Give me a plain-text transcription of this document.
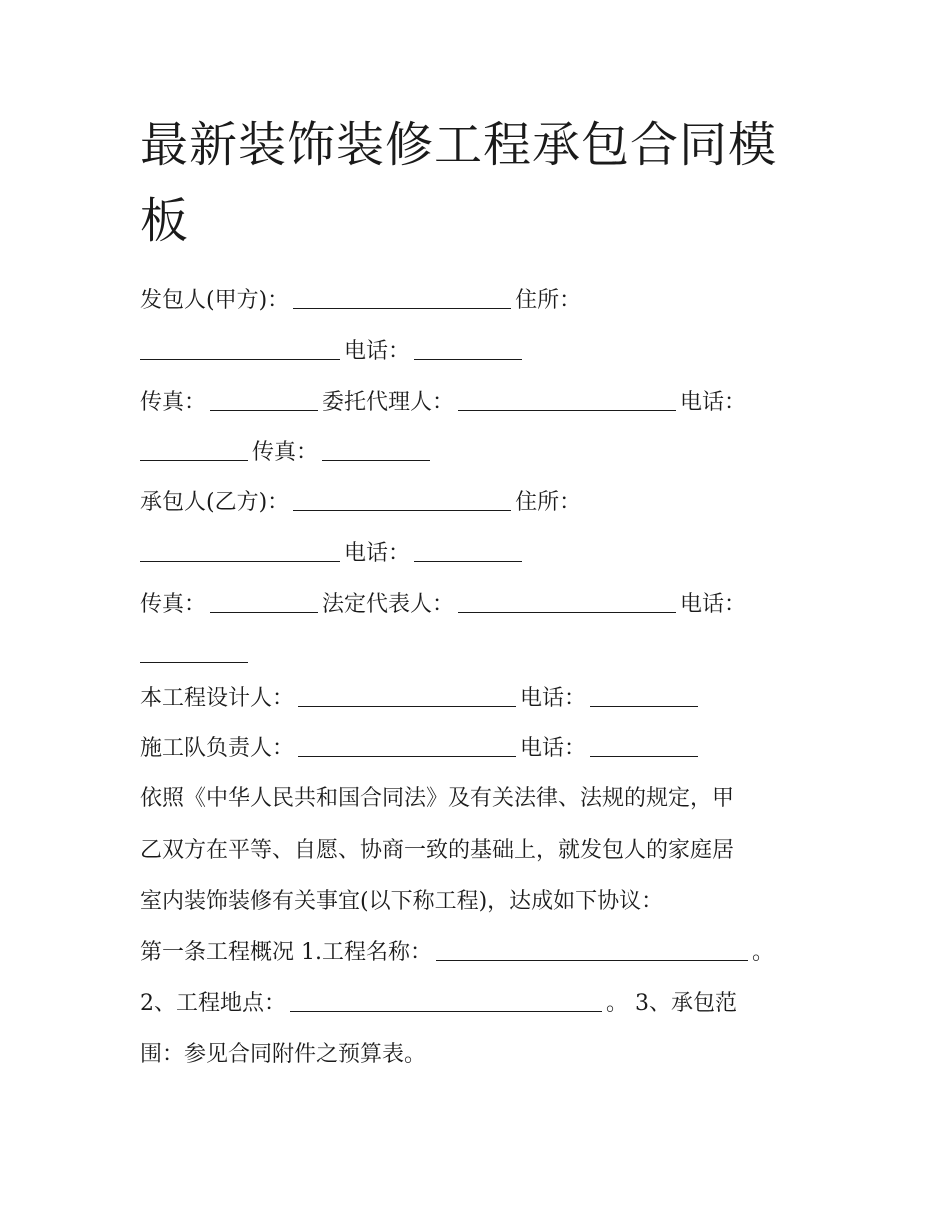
最新装饰装修工程承包合同模
板
发包人(甲方)：	住所：
电话：
传真：	委托代理人：	电话：
传真：
承包人(乙方)：	住所：
电话：
传真：	法定代表人：	电话：
本工程设计人：	电话：
施工队负责人：	电话：
依照《中华人民共和国合同法》及有关法律、法规的规定，甲
乙双方在平等、自愿、协商一致的基础上，就发包人的家庭居
室内装饰装修有关事宜(以下称工程)，达成如下协议：
第一条工程概况 1.工程名称：	。
2、工程地点：	。 3、承包范
围：参见合同附件之预算表。
